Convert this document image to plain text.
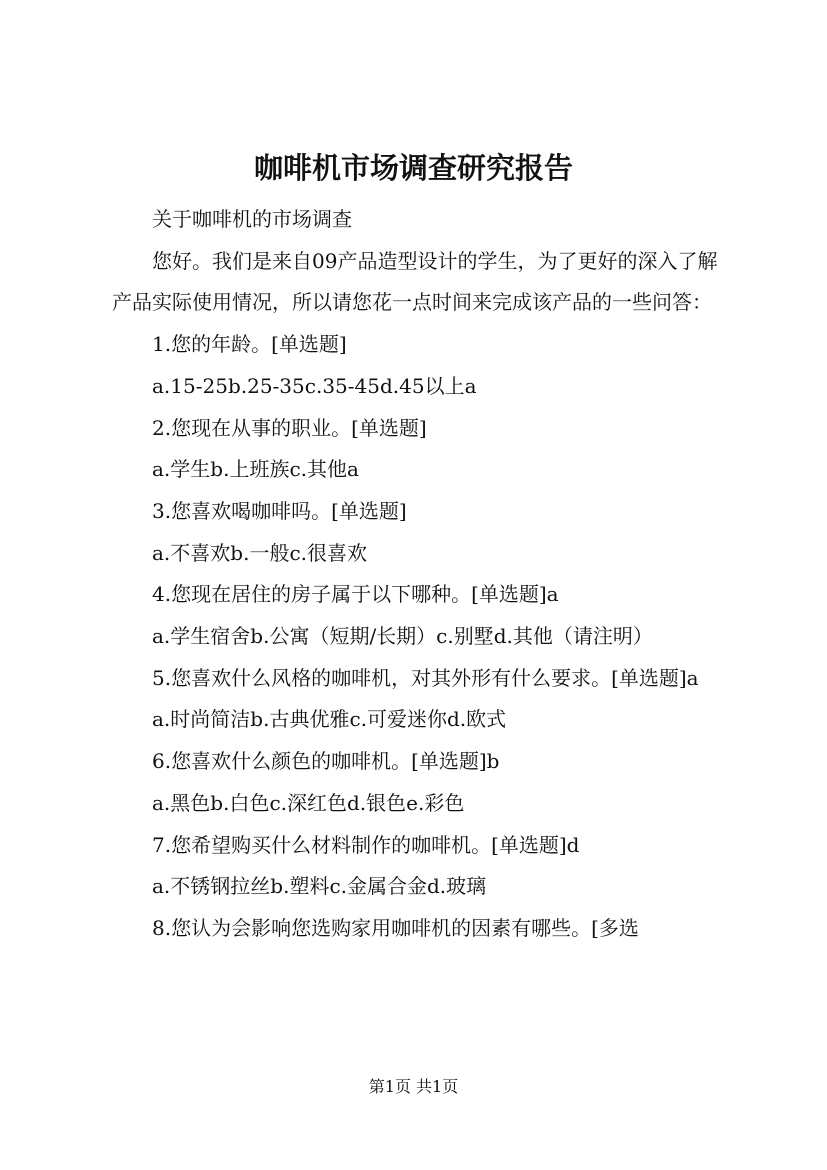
咖啡机市场调查研究报告

关于咖啡机的市场调查

您好。我们是来自09产品造型设计的学生，为了更好的深入了解产品实际使用情况，所以请您花一点时间来完成该产品的一些问答：

1.您的年龄。[单选题]

a.15-25b.25-35c.35-45d.45以上a

2.您现在从事的职业。[单选题]

a.学生b.上班族c.其他a

3.您喜欢喝咖啡吗。[单选题]

a.不喜欢b.一般c.很喜欢

4.您现在居住的房子属于以下哪种。[单选题]a

a.学生宿舍b.公寓（短期/长期）c.别墅d.其他（请注明）

5.您喜欢什么风格的咖啡机，对其外形有什么要求。[单选题]a

a.时尚简洁b.古典优雅c.可爱迷你d.欧式

6.您喜欢什么颜色的咖啡机。[单选题]b

a.黑色b.白色c.深红色d.银色e.彩色

7.您希望购买什么材料制作的咖啡机。[单选题]d

a.不锈钢拉丝b.塑料c.金属合金d.玻璃

8.您认为会影响您选购家用咖啡机的因素有哪些。[多选

第1页 共1页
